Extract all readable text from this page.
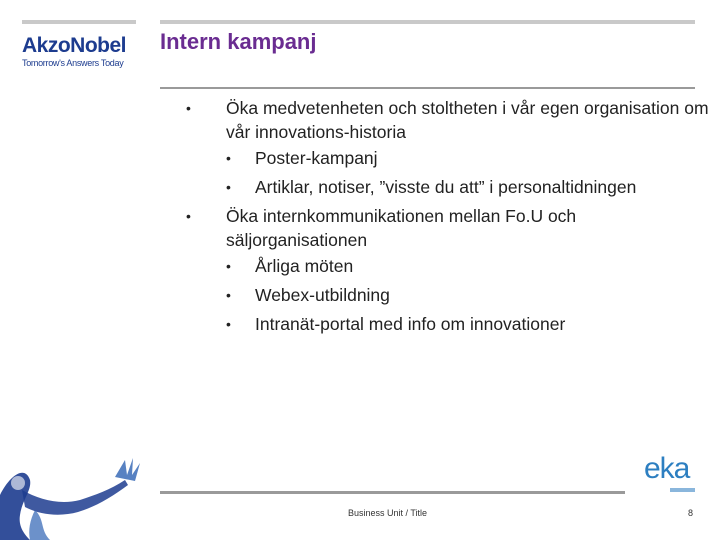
AkzoNobel
Tomorrow's Answers Today
Intern kampanj
• Öka medvetenheten och stoltheten i vår egen organisation om vår innovations-historia
• Poster-kampanj
• Artiklar, notiser, ”visste du att” i personaltidningen
• Öka internkommunikationen mellan Fo.U och säljorganisationen
• Årliga möten
• Webex-utbildning
• Intranät-portal med info om innovationer
eka
Business Unit / Title	8
